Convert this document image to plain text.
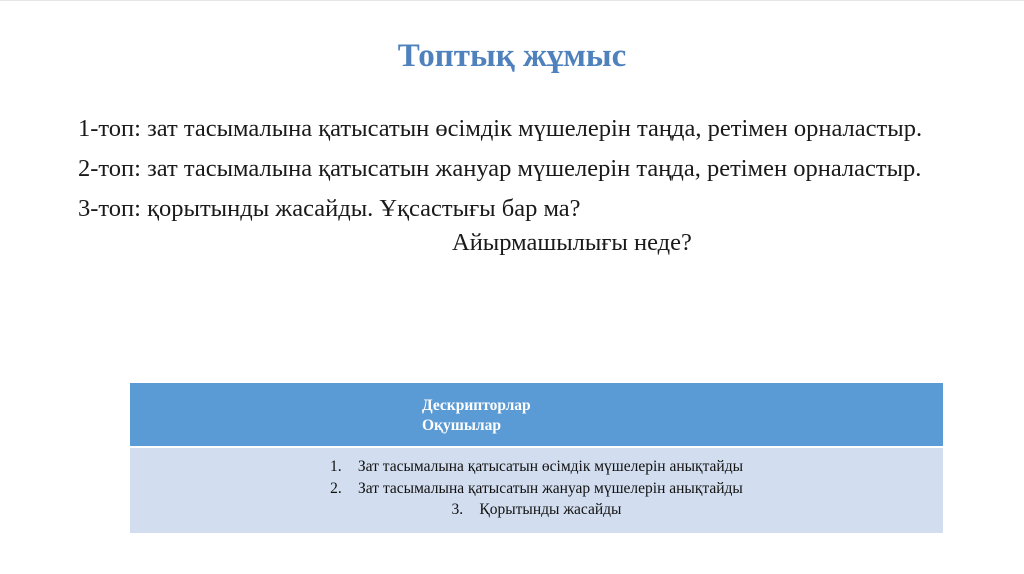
Топтық жұмыс

1-топ: зат тасымалына қатысатын өсімдік мүшелерін таңда, ретімен орналастыр.

2-топ: зат тасымалына қатысатын жануар мүшелерін таңда, ретімен орналастыр.

3-топ: қорытынды жасайды. Ұқсастығы бар ма?

Айырмашылығы неде?

Дескрипторлар
Оқушылар
1. Зат тасымалына қатысатын өсімдік мүшелерін анықтайды
2. Зат тасымалына қатысатын жануар мүшелерін анықтайды
3. Қорытынды жасайды
